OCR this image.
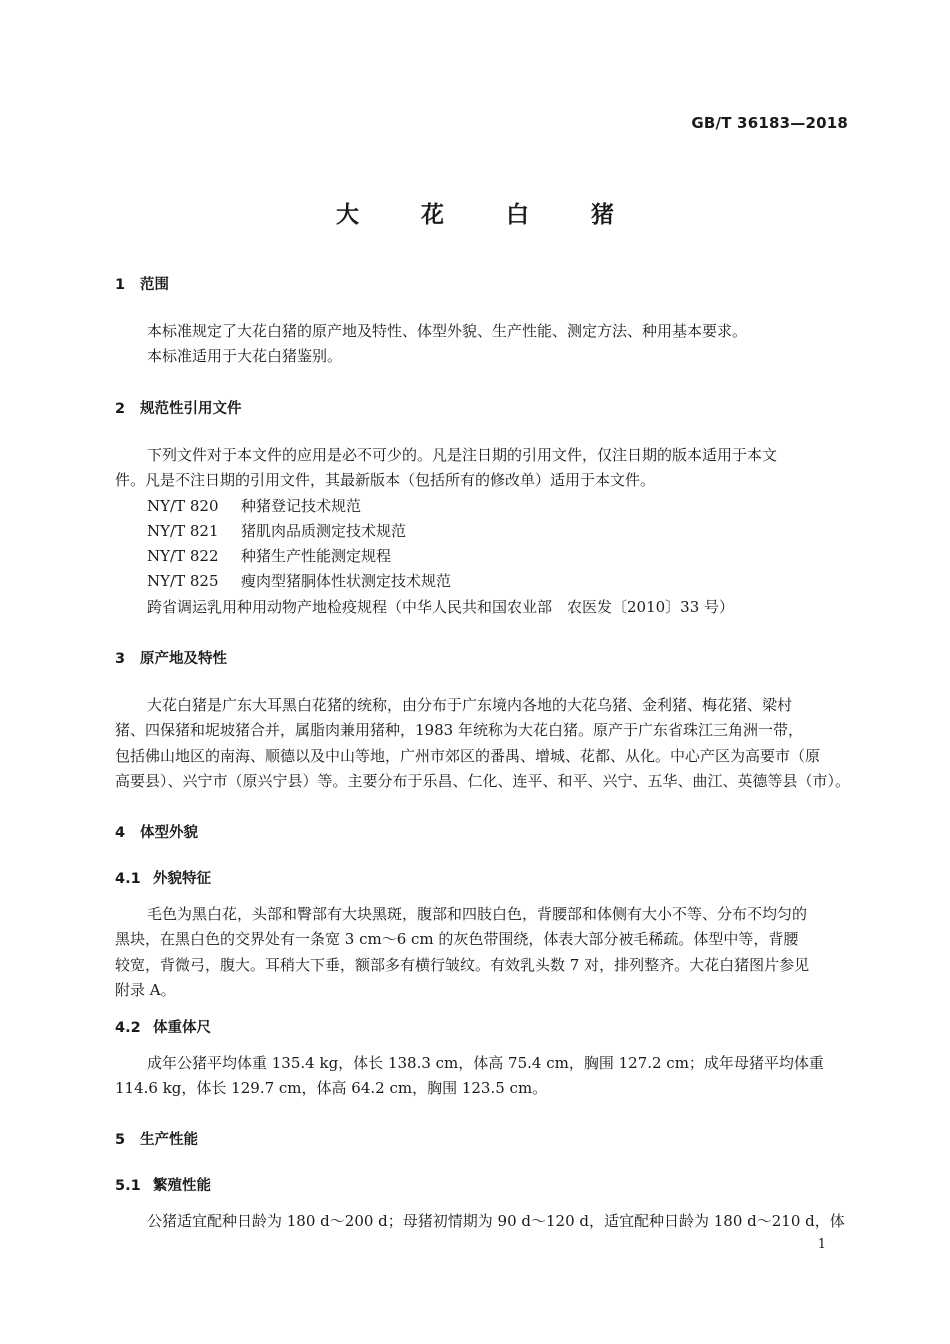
GB/T 36183—2018
大 花 白 猪
1 范围
本标准规定了大花白猪的原产地及特性、体型外貌、生产性能、测定方法、种用基本要求。
本标准适用于大花白猪鉴别。
2 规范性引用文件
下列文件对于本文件的应用是必不可少的。凡是注日期的引用文件，仅注日期的版本适用于本文
件。凡是不注日期的引用文件，其最新版本（包括所有的修改单）适用于本文件。
NY/T 820 种猪登记技术规范
NY/T 821 猪肌肉品质测定技术规范
NY/T 822 种猪生产性能测定规程
NY/T 825 瘦肉型猪胴体性状测定技术规范
跨省调运乳用种用动物产地检疫规程（中华人民共和国农业部　农医发〔2010〕33 号）
3 原产地及特性
大花白猪是广东大耳黑白花猪的统称，由分布于广东境内各地的大花乌猪、金利猪、梅花猪、梁村
猪、四保猪和坭坡猪合并，属脂肉兼用猪种，1983 年统称为大花白猪。原产于广东省珠江三角洲一带，
包括佛山地区的南海、顺德以及中山等地，广州市郊区的番禺、增城、花都、从化。中心产区为高要市（原
高要县）、兴宁市（原兴宁县）等。主要分布于乐昌、仁化、连平、和平、兴宁、五华、曲江、英德等县（市）。
4 体型外貌
4.1 外貌特征
毛色为黑白花，头部和臀部有大块黑斑，腹部和四肢白色，背腰部和体侧有大小不等、分布不均匀的
黑块，在黑白色的交界处有一条宽 3 cm～6 cm 的灰色带围绕，体表大部分被毛稀疏。体型中等，背腰
较宽，背微弓，腹大。耳稍大下垂，额部多有横行皱纹。有效乳头数 7 对，排列整齐。大花白猪图片参见
附录 A。
4.2 体重体尺
成年公猪平均体重 135.4 kg，体长 138.3 cm，体高 75.4 cm，胸围 127.2 cm；成年母猪平均体重
114.6 kg，体长 129.7 cm，体高 64.2 cm，胸围 123.5 cm。
5 生产性能
5.1 繁殖性能
公猪适宜配种日龄为 180 d～200 d；母猪初情期为 90 d～120 d，适宜配种日龄为 180 d～210 d，体
1
